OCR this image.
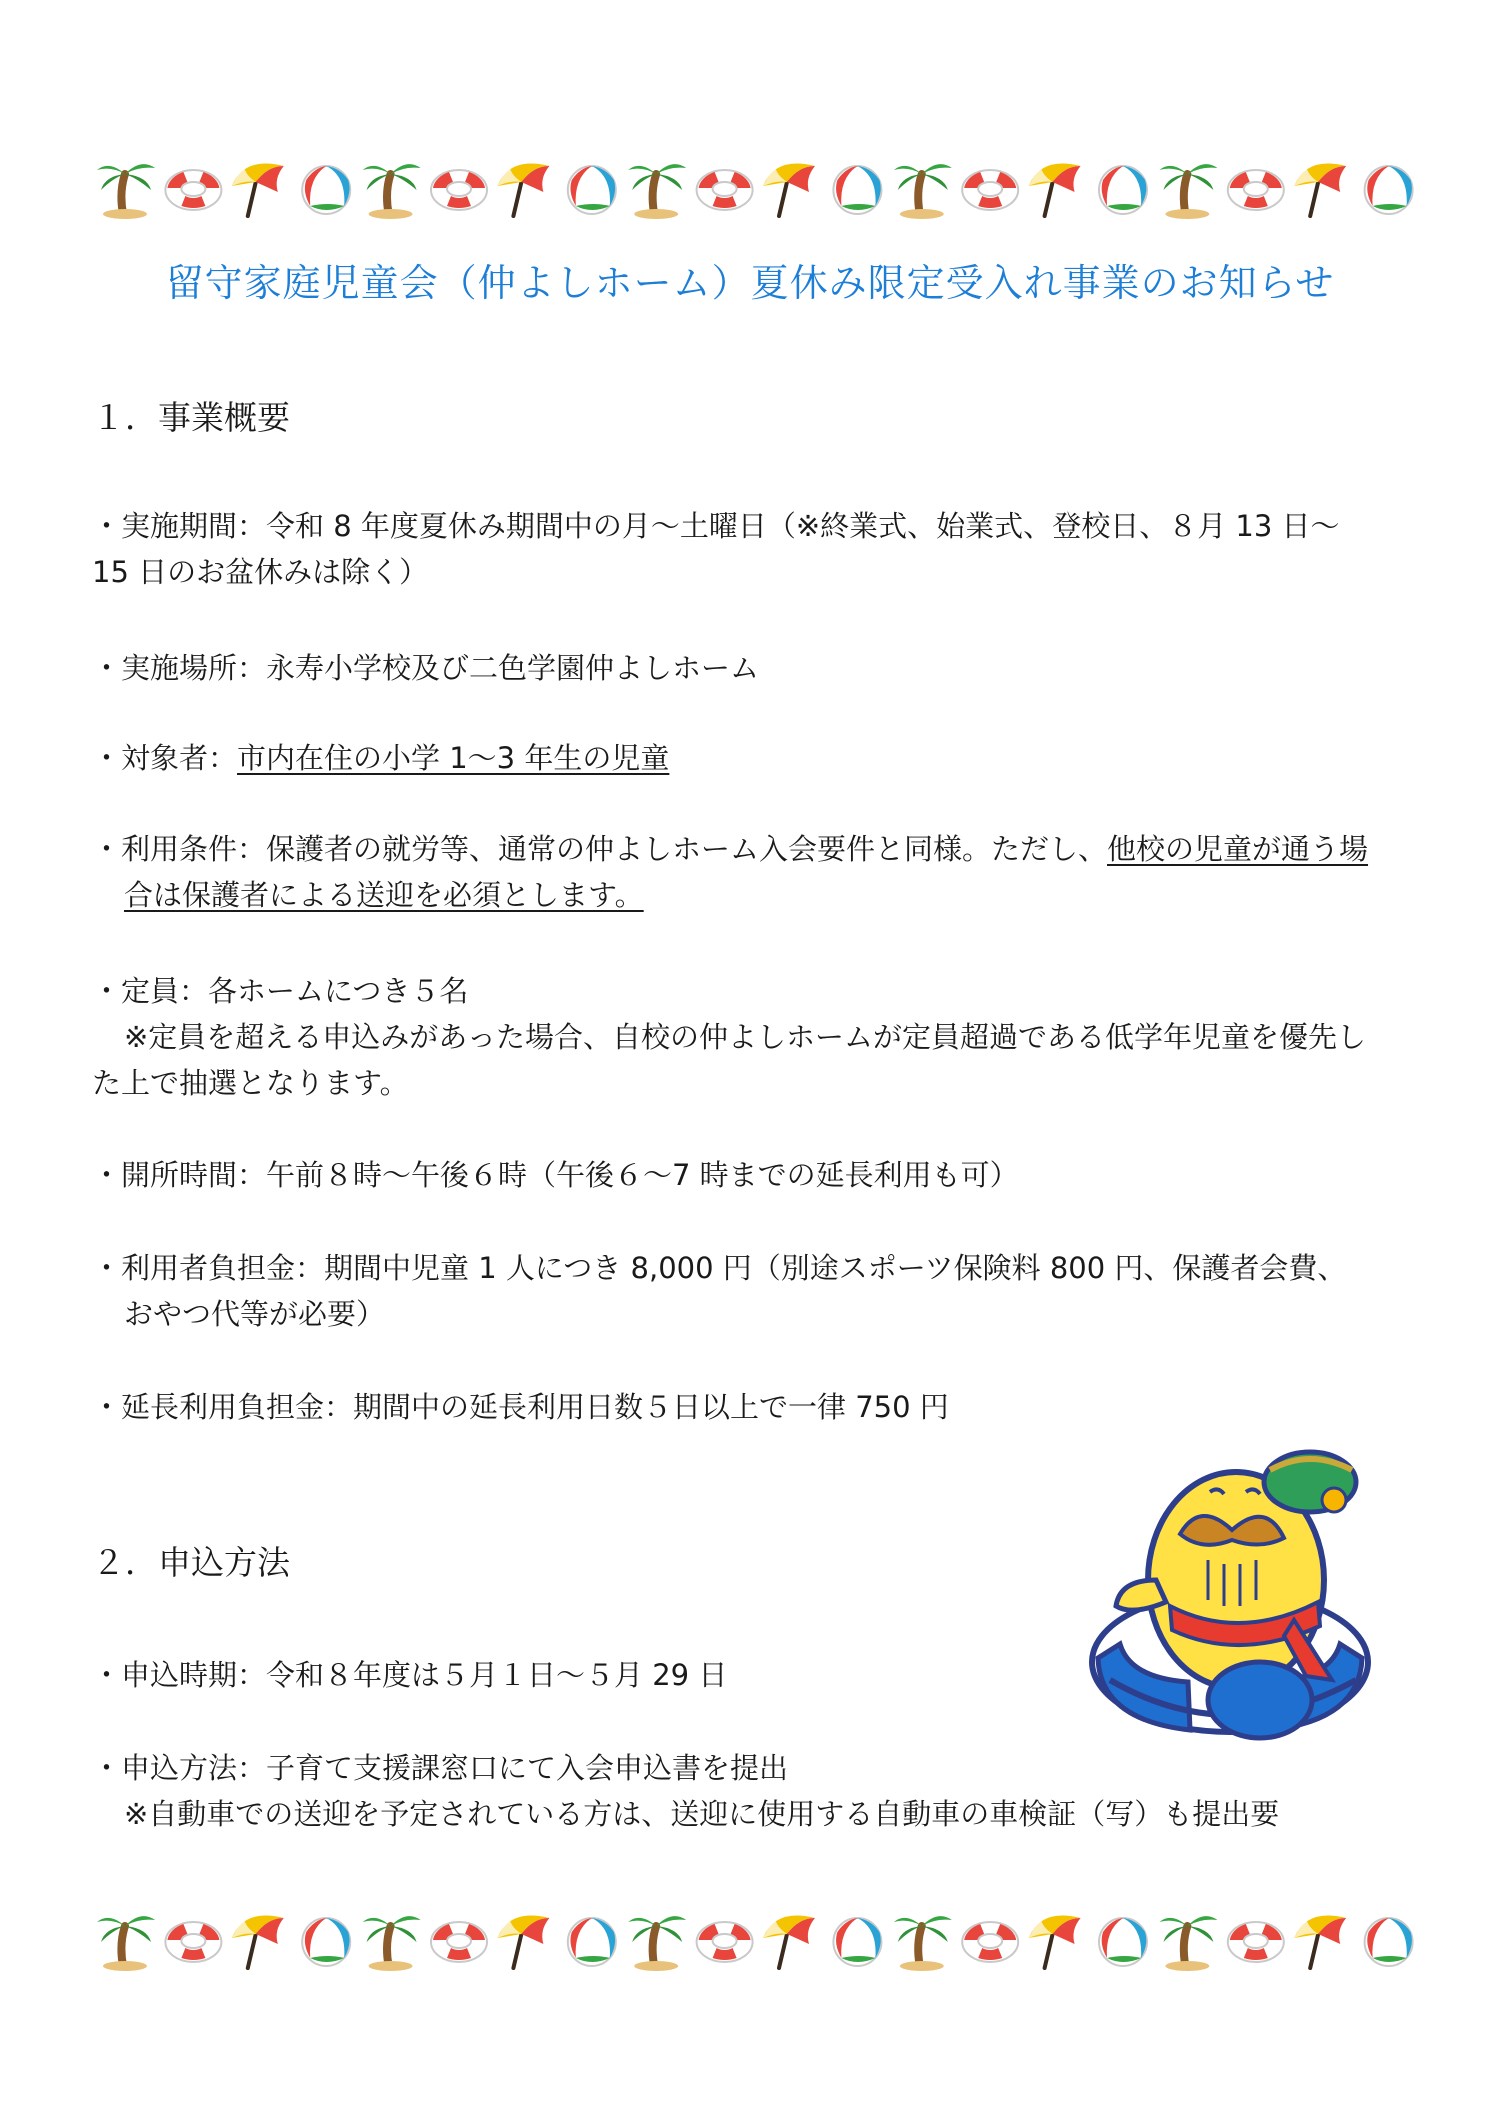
留守家庭児童会（仲よしホーム）夏休み限定受入れ事業のお知らせ
１．事業概要

・実施期間：令和 8 年度夏休み期間中の月～土曜日（※終業式、始業式、登校日、８月 13 日～

15 日のお盆休みは除く）

・実施場所：永寿小学校及び二色学園仲よしホーム

・対象者：市内在住の小学 1～3 年生の児童

・利用条件：保護者の就労等、通常の仲よしホーム入会要件と同様。ただし、他校の児童が通う場

合は保護者による送迎を必須とします。

・定員：各ホームにつき５名

※定員を超える申込みがあった場合、自校の仲よしホームが定員超過である低学年児童を優先し

た上で抽選となります。

・開所時間：午前８時～午後６時（午後６～7 時までの延長利用も可）

・利用者負担金：期間中児童 1 人につき 8,000 円（別途スポーツ保険料 800 円、保護者会費、

おやつ代等が必要）

・延長利用負担金：期間中の延長利用日数５日以上で一律 750 円

２．申込方法

・申込時期：令和８年度は５月１日～５月 29 日

・申込方法：子育て支援課窓口にて入会申込書を提出

※自動車での送迎を予定されている方は、送迎に使用する自動車の車検証（写）も提出要
